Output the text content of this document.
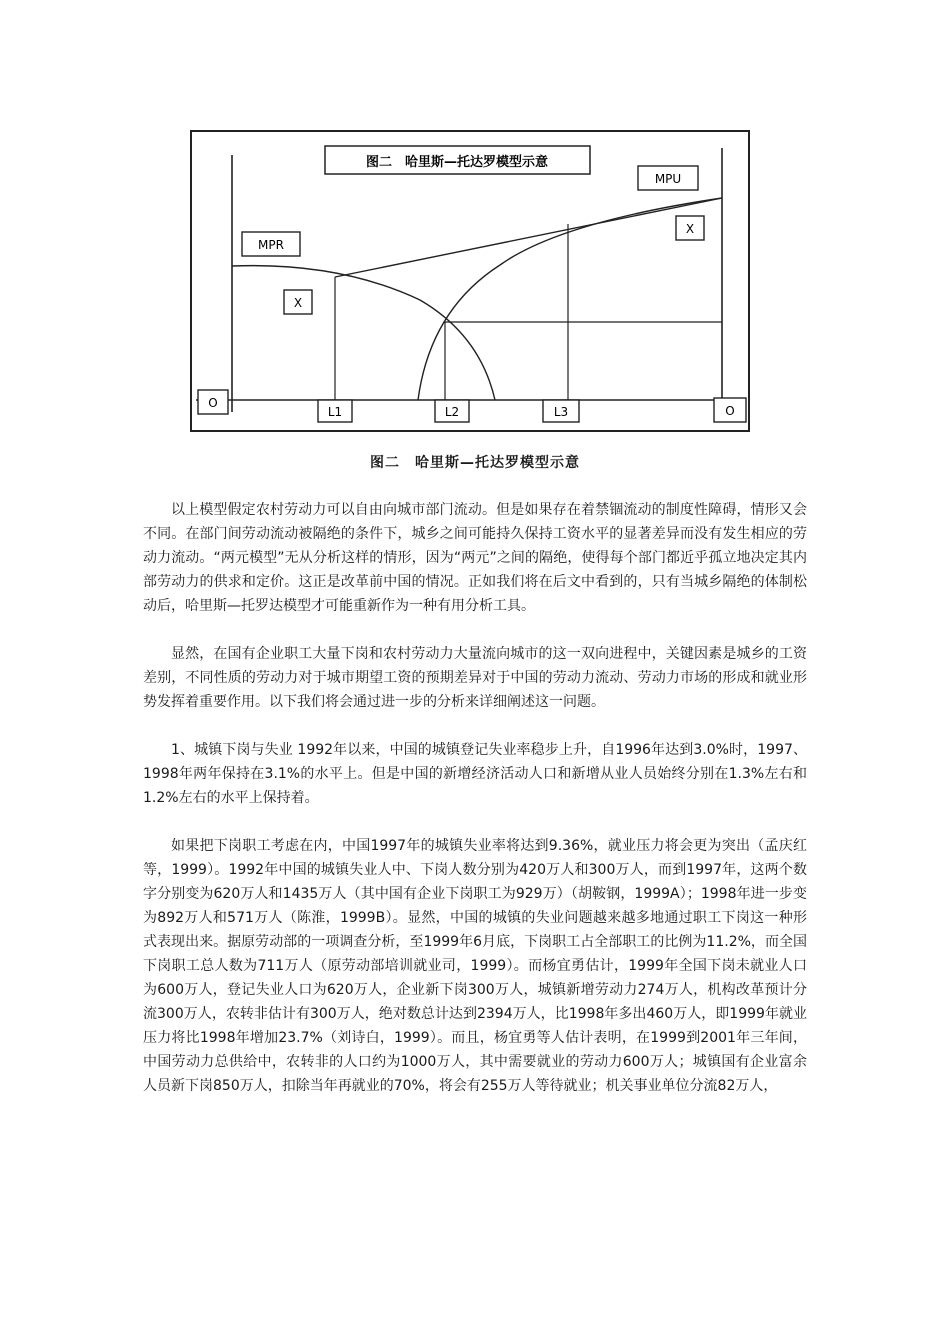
图二　哈里斯—托达罗模型示意
MPR
MPU
X
X
O
O
L1	L2	L3
图二　哈里斯—托达罗模型示意

以上模型假定农村劳动力可以自由向城市部门流动。但是如果存在着禁锢流动的制度性障碍，情形又会不同。在部门间劳动流动被隔绝的条件下，城乡之间可能持久保持工资水平的显著差异而没有发生相应的劳动力流动。“两元模型”无从分析这样的情形，因为“两元”之间的隔绝，使得每个部门都近乎孤立地决定其内部劳动力的供求和定价。这正是改革前中国的情况。正如我们将在后文中看到的，只有当城乡隔绝的体制松动后，哈里斯—托罗达模型才可能重新作为一种有用分析工具。

显然，在国有企业职工大量下岗和农村劳动力大量流向城市的这一双向进程中，关键因素是城乡的工资差别，不同性质的劳动力对于城市期望工资的预期差异对于中国的劳动力流动、劳动力市场的形成和就业形势发挥着重要作用。以下我们将会通过进一步的分析来详细阐述这一问题。

1、城镇下岗与失业 1992年以来，中国的城镇登记失业率稳步上升，自1996年达到3.0%时，1997、1998年两年保持在3.1%的水平上。但是中国的新增经济活动人口和新增从业人员始终分别在1.3%左右和1.2%左右的水平上保持着。

如果把下岗职工考虑在内，中国1997年的城镇失业率将达到9.36%，就业压力将会更为突出（孟庆红等，1999）。1992年中国的城镇失业人中、下岗人数分别为420万人和300万人，而到1997年，这两个数字分别变为620万人和1435万人（其中国有企业下岗职工为929万）（胡鞍钢，1999A）；1998年进一步变为892万人和571万人（陈淮，1999B）。显然，中国的城镇的失业问题越来越多地通过职工下岗这一种形式表现出来。据原劳动部的一项调查分析，至1999年6月底，下岗职工占全部职工的比例为11.2%，而全国下岗职工总人数为711万人（原劳动部培训就业司，1999）。而杨宜勇估计，1999年全国下岗未就业人口为600万人，登记失业人口为620万人，企业新下岗300万人，城镇新增劳动力274万人，机构改革预计分流300万人，农转非估计有300万人，绝对数总计达到2394万人，比1998年多出460万人，即1999年就业压力将比1998年增加23.7%（刘诗白，1999）。而且，杨宜勇等人估计表明，在1999到2001年三年间，中国劳动力总供给中，农转非的人口约为1000万人，其中需要就业的劳动力600万人；城镇国有企业富余人员新下岗850万人，扣除当年再就业的70%，将会有255万人等待就业；机关事业单位分流82万人，
